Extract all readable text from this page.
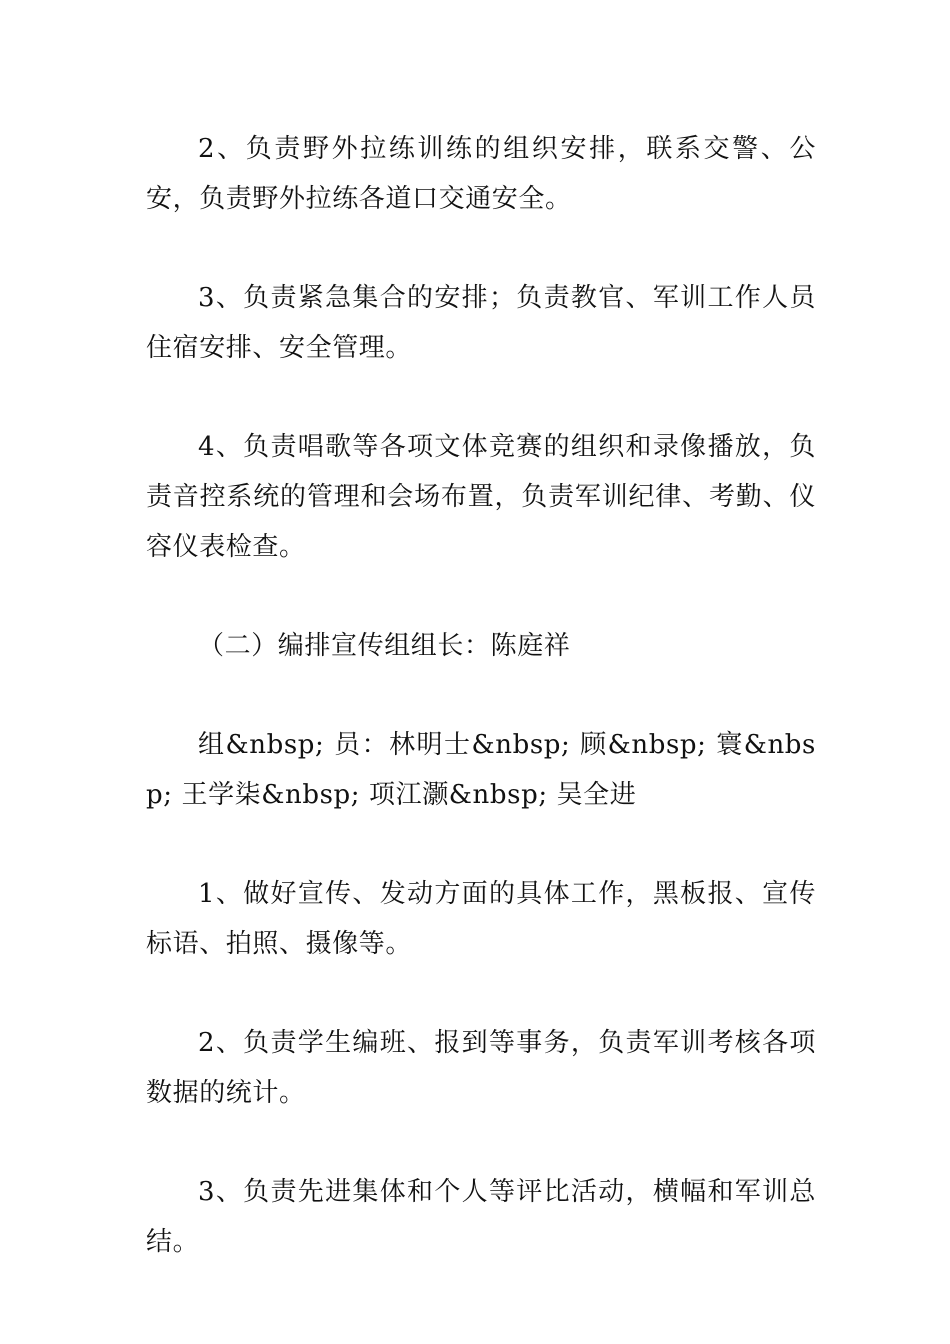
2、负责野外拉练训练的组织安排，联系交警、公安，负责野外拉练各道口交通安全。

3、负责紧急集合的安排；负责教官、军训工作人员住宿安排、安全管理。

4、负责唱歌等各项文体竞赛的组织和录像播放，负责音控系统的管理和会场布置，负责军训纪律、考勤、仪容仪表检查。

（二）编排宣传组组长：陈庭祥

组&nbsp; 员：林明士&nbsp; 顾&nbsp; 寰&nbsp; 王学柒&nbsp; 项江灏&nbsp; 吴全进

1、做好宣传、发动方面的具体工作，黑板报、宣传标语、拍照、摄像等。

2、负责学生编班、报到等事务，负责军训考核各项数据的统计。

3、负责先进集体和个人等评比活动，横幅和军训总结。
